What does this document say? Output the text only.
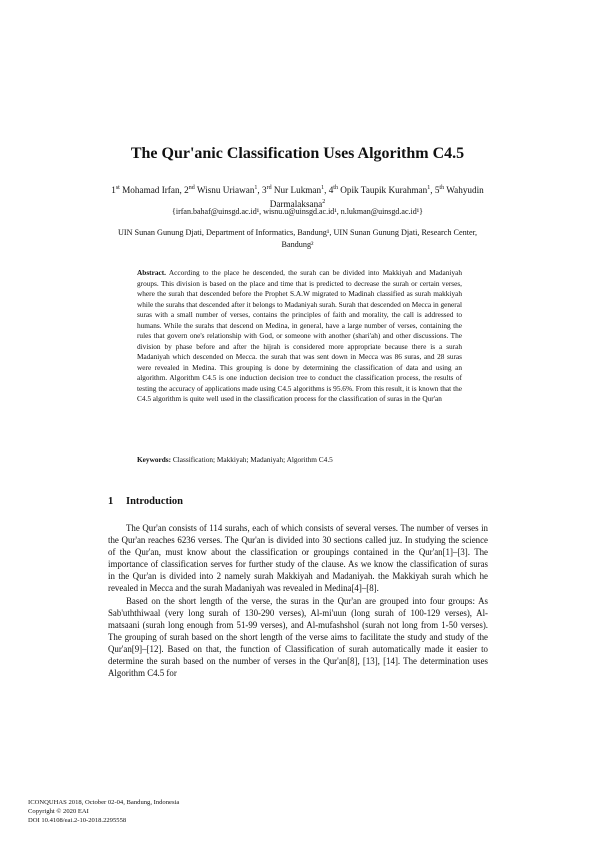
The Qur'anic Classification Uses Algorithm C4.5
1st Mohamad Irfan, 2nd Wisnu Uriawan$^1$, 3rd Nur Lukman$^1$, 4th Opik Taupik Kurahman$^1$, 5th Wahyudin Darmalaksana$^2$
{irfan.bahaf@uinsgd.ac.id¹, wisnu.u@uinsgd.ac.id¹, n.lukman@uinsgd.ac.id¹}
UIN Sunan Gunung Djati, Department of Informatics, Bandung¹, UIN Sunan Gunung Djati, Research Center, Bandung²
Abstract. According to the place he descended, the surah can be divided into Makkiyah and Madaniyah groups. This division is based on the place and time that is predicted to decrease the surah or certain verses, where the surah that descended before the Prophet S.A.W migrated to Madinah classified as surah makkiyah while the surahs that descended after it belongs to Madaniyah surah. Surah that descended on Mecca in general suras with a small number of verses, contains the principles of faith and morality, the call is addressed to humans. While the surahs that descend on Medina, in general, have a large number of verses, containing the rules that govern one's relationship with God, or someone with another (shari'ah) and other discussions. The division by phase before and after the hijrah is considered more appropriate because there is a surah Madaniyah which descended on Mecca. the surah that was sent down in Mecca was 86 suras, and 28 suras were revealed in Medina. This grouping is done by determining the classification of data and using an algorithm. Algorithm C4.5 is one induction decision tree to conduct the classification process, the results of testing the accuracy of applications made using C4.5 algorithms is 95.6%. From this result, it is known that the C4.5 algorithm is quite well used in the classification process for the classification of suras in the Qur'an
Keywords: Classification; Makkiyah; Madaniyah; Algorithm C4.5
1 Introduction

The Qur'an consists of 114 surahs, each of which consists of several verses. The number of verses in the Qur'an reaches 6236 verses. The Qur'an is divided into 30 sections called juz. In studying the science of the Qur'an, must know about the classification or groupings contained in the Qur'an[1]–[3]. The importance of classification serves for further study of the clause. As we know the classification of suras in the Qur'an is divided into 2 namely surah Makkiyah and Madaniyah. the Makkiyah surah which he revealed in Mecca and the surah Madaniyah was revealed in Medina[4]–[8].

Based on the short length of the verse, the suras in the Qur'an are grouped into four groups: As Sab'uththiwaal (very long surah of 130-290 verses), Al-mi'uun (long surah of 100-129 verses), Al-matsaani (surah long enough from 51-99 verses), and Al-mufashshol (surah not long from 1-50 verses). The grouping of surah based on the short length of the verse aims to facilitate the study and study of the Qur'an[9]–[12]. Based on that, the function of Classification of surah automatically made it easier to determine the surah based on the number of verses in the Qur'an[8], [13], [14]. The determination uses Algorithm C4.5 for

ICONQUHAS 2018, October 02-04, Bandung, Indonesia
Copyright © 2020 EAI
DOI 10.4108/eai.2-10-2018.2295558
